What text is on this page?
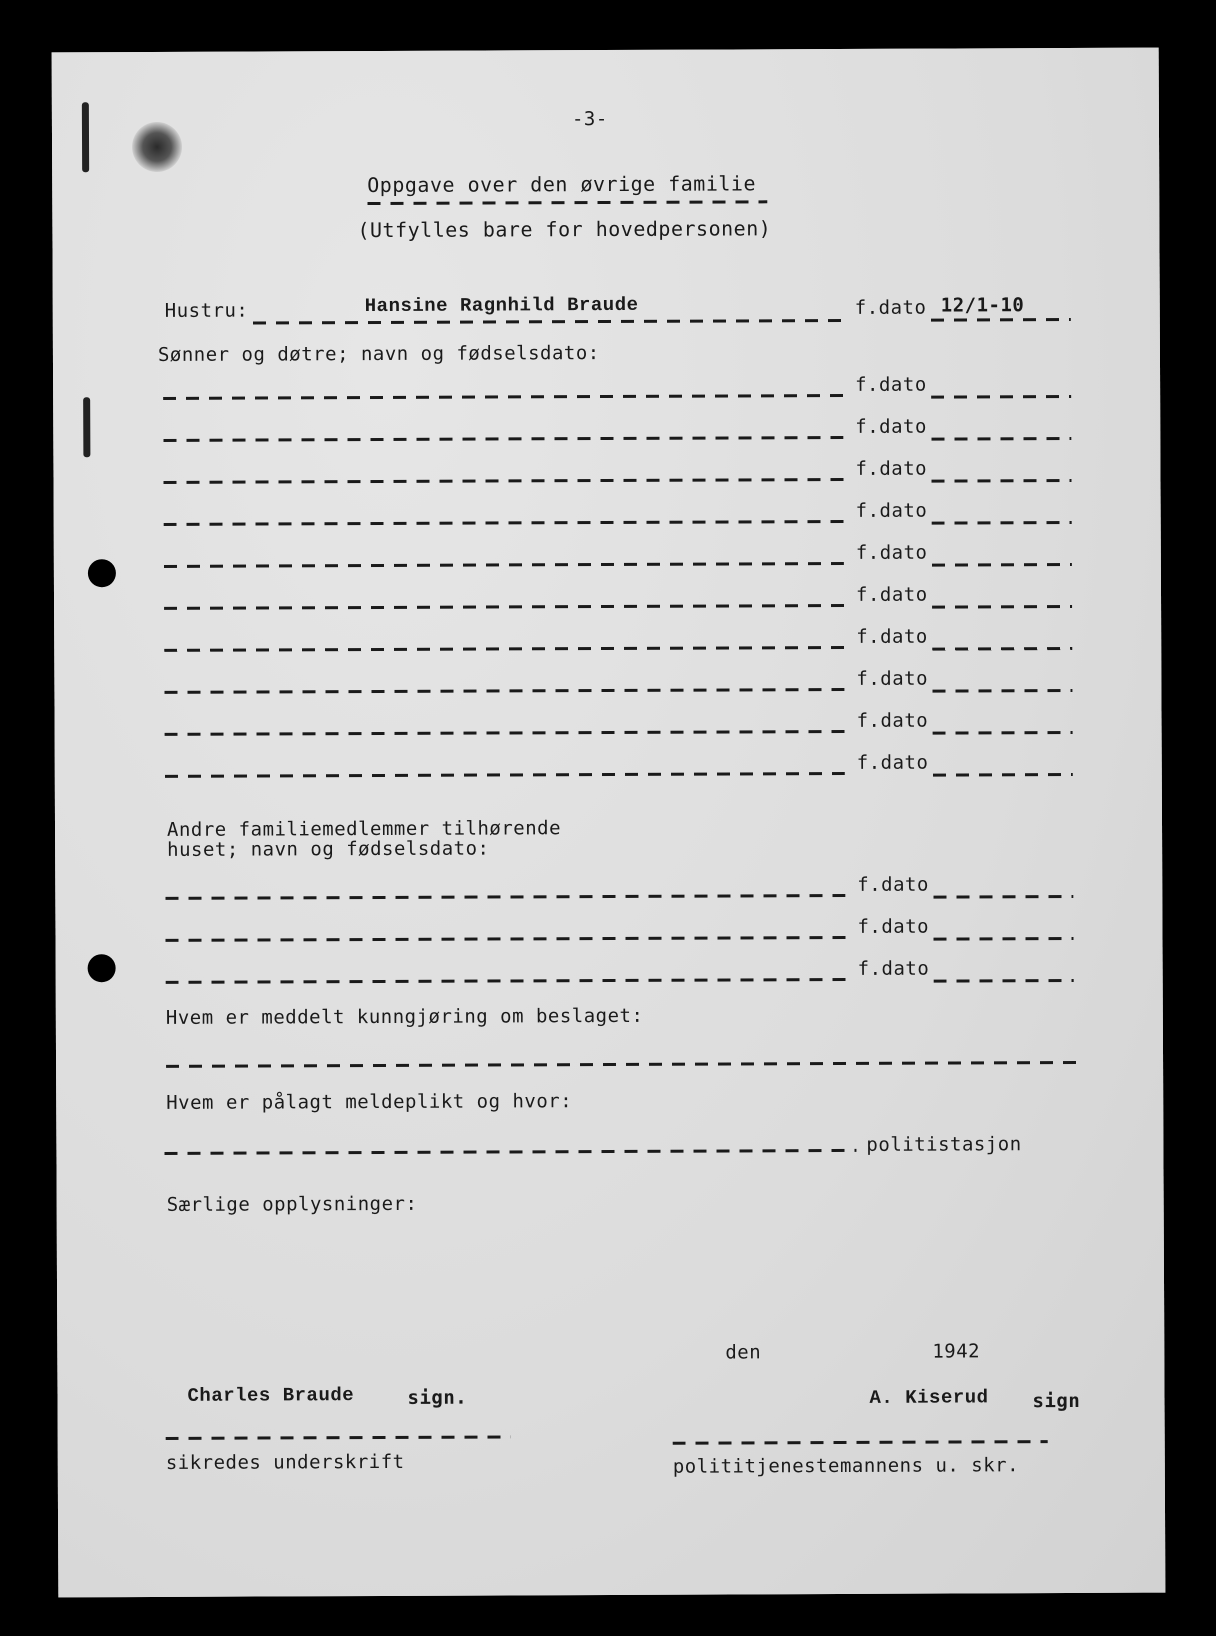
-3-
Oppgave over den øvrige familie
(Utfylles bare for hovedpersonen)
Hustru:	Hansine Ragnhild Braude	f.dato 12/1-10
Sønner og døtre; navn og fødselsdato:
f.dato
f.dato
f.dato
f.dato
f.dato
f.dato
f.dato
f.dato
f.dato
f.dato
Andre familiemedlemmer tilhørende
huset; navn og fødselsdato:
f.dato
f.dato
f.dato
Hvem er meddelt kunngjøring om beslaget:
Hvem er pålagt meldeplikt og hvor:
politistasjon
Særlige opplysninger:
den	1942
Charles Braude	sign.
sikredes underskrift
A. Kiserud sign
polititjenestemannens u. skr.
